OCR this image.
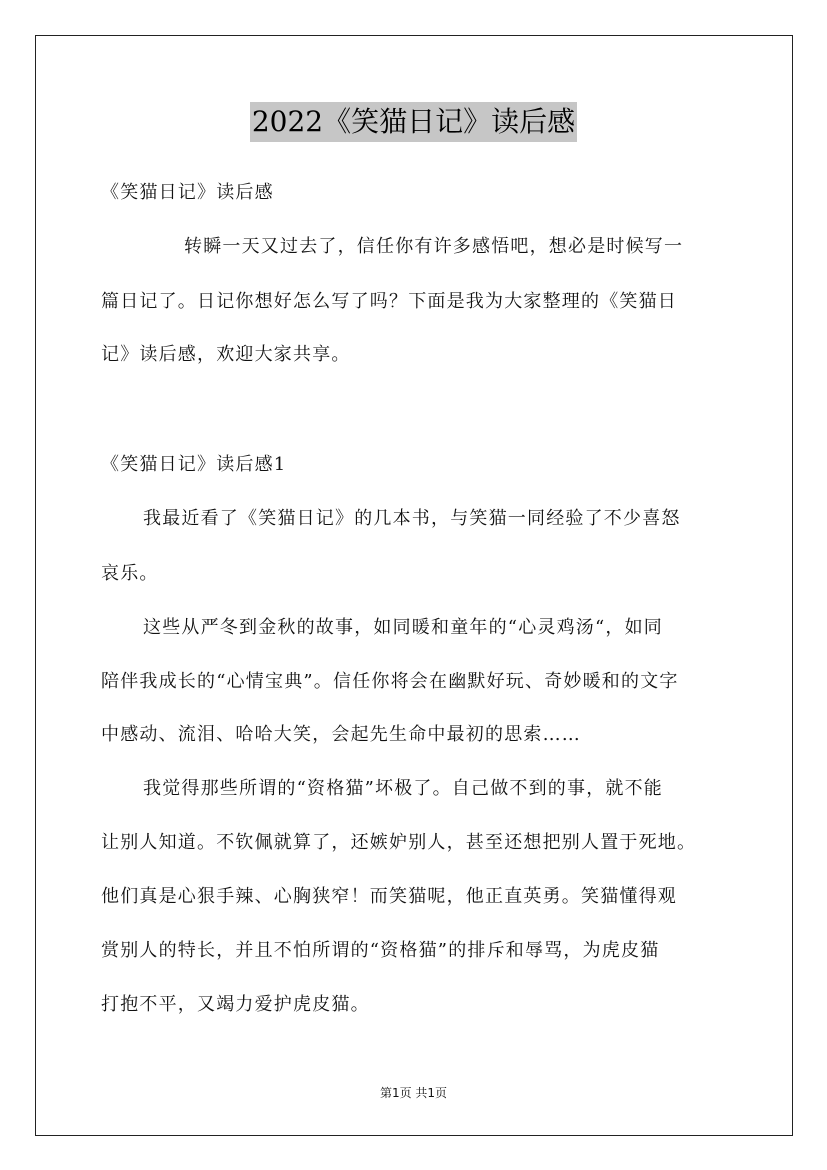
2022《笑猫日记》读后感
《笑猫日记》读后感
转瞬一天又过去了，信任你有许多感悟吧，想必是时候写一
篇日记了。日记你想好怎么写了吗？下面是我为大家整理的《笑猫日
记》读后感，欢迎大家共享。
《笑猫日记》读后感1
我最近看了《笑猫日记》的几本书，与笑猫一同经验了不少喜怒
哀乐。
这些从严冬到金秋的故事，如同暖和童年的“心灵鸡汤“，如同
陪伴我成长的“心情宝典”。信任你将会在幽默好玩、奇妙暖和的文字
中感动、流泪、哈哈大笑，会起先生命中最初的思索……
我觉得那些所谓的“资格猫”坏极了。自己做不到的事，就不能
让别人知道。不钦佩就算了，还嫉妒别人，甚至还想把别人置于死地。
他们真是心狠手辣、心胸狭窄！而笑猫呢，他正直英勇。笑猫懂得观
赏别人的特长，并且不怕所谓的“资格猫”的排斥和辱骂，为虎皮猫
打抱不平，又竭力爱护虎皮猫。
第1页 共1页
